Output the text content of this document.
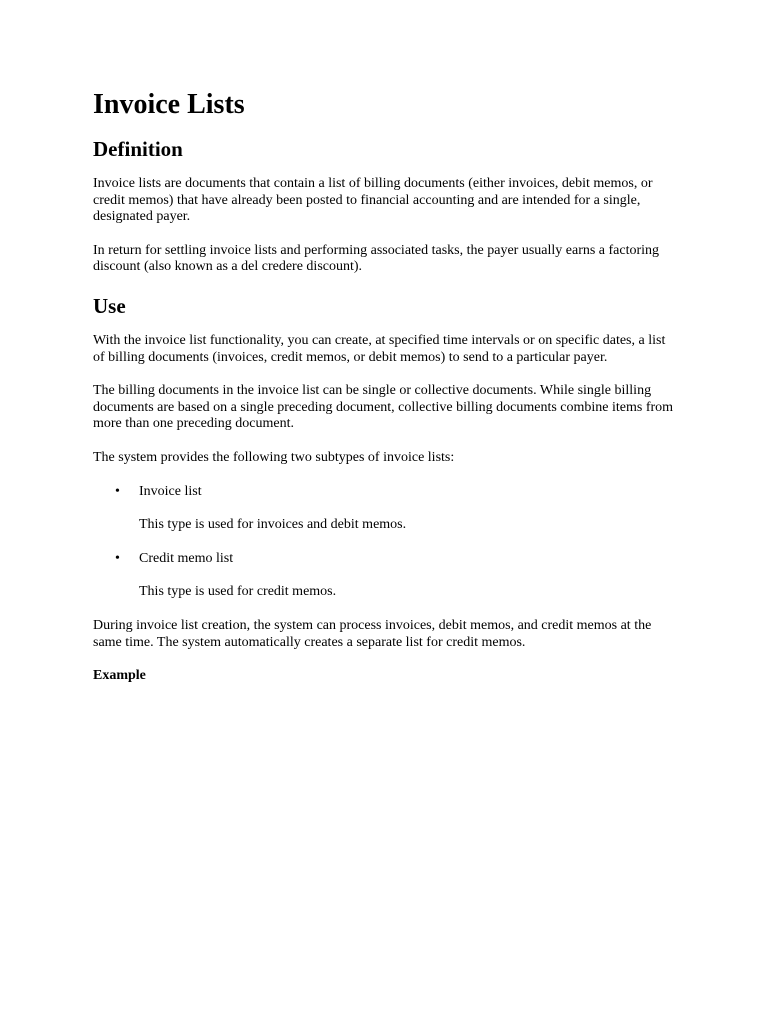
Invoice Lists
Definition

Invoice lists are documents that contain a list of billing documents (either invoices, debit memos, or credit memos) that have already been posted to financial accounting and are intended for a single, designated payer.

In return for settling invoice lists and performing associated tasks, the payer usually earns a factoring discount (also known as a del credere discount).

Use

With the invoice list functionality, you can create, at specified time intervals or on specific dates, a list of billing documents (invoices, credit memos, or debit memos) to send to a particular payer.

The billing documents in the invoice list can be single or collective documents. While single billing documents are based on a single preceding document, collective billing documents combine items from more than one preceding document.

The system provides the following two subtypes of invoice lists:

• Invoice list

This type is used for invoices and debit memos.

• Credit memo list

This type is used for credit memos.

During invoice list creation, the system can process invoices, debit memos, and credit memos at the same time. The system automatically creates a separate list for credit memos.

Example
